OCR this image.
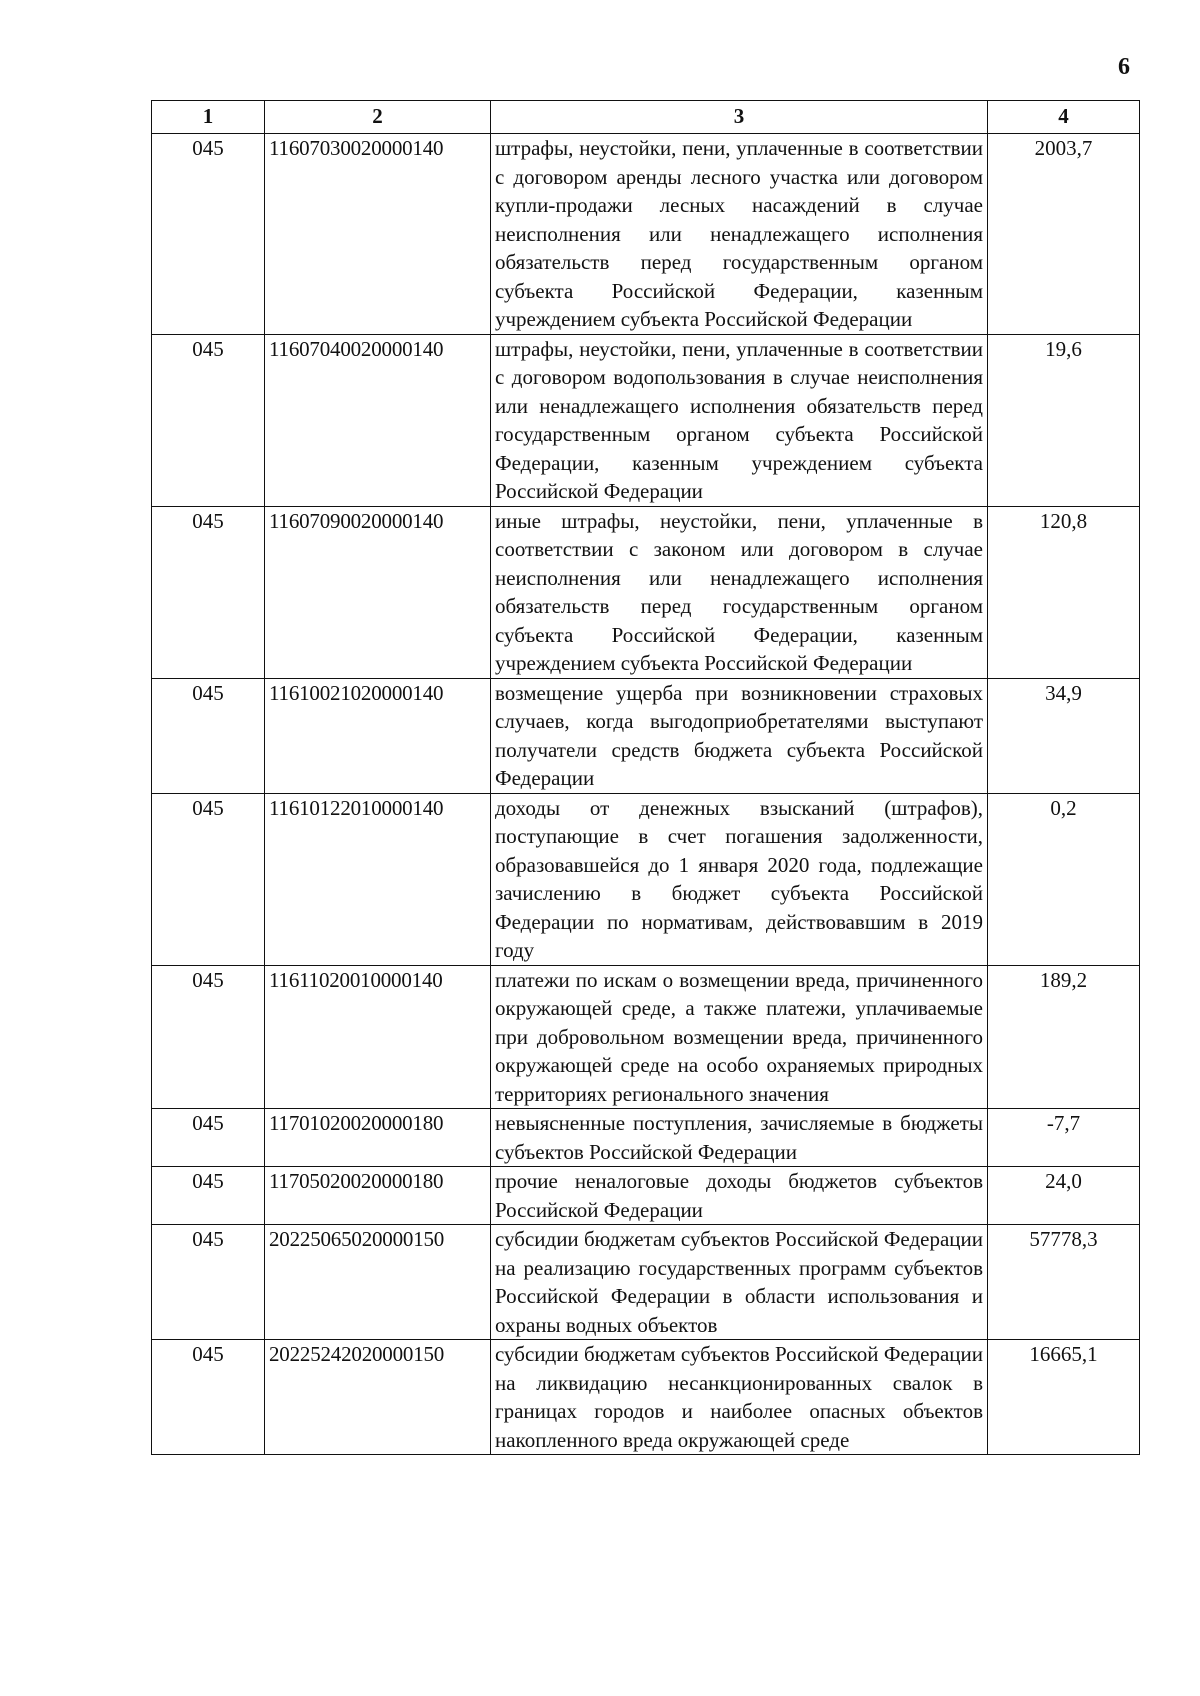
6
1	2	3	4
045	11607030020000140	штрафы, неустойки, пени, уплаченные в соответствии с договором аренды лесного участка или договором купли-продажи лесных насаждений в случае неисполнения или ненадлежащего исполнения обязательств перед государственным органом субъекта Российской Федерации, казенным учреждением субъекта Российской Федерации	2003,7
045	11607040020000140	штрафы, неустойки, пени, уплаченные в соответствии с договором водопользования в случае неисполнения или ненадлежащего исполнения обязательств перед государственным органом субъекта Российской Федерации, казенным учреждением субъекта Российской Федерации	19,6
045	11607090020000140	иные штрафы, неустойки, пени, уплаченные в соответствии с законом или договором в случае неисполнения или ненадлежащего исполнения обязательств перед государственным органом субъекта Российской Федерации, казенным учреждением субъекта Российской Федерации	120,8
045	11610021020000140	возмещение ущерба при возникновении страховых случаев, когда выгодоприобретателями выступают получатели средств бюджета субъекта Российской Федерации	34,9
045	11610122010000140	доходы от денежных взысканий (штрафов), поступающие в счет погашения задолженности, образовавшейся до 1 января 2020 года, подлежащие зачислению в бюджет субъекта Российской Федерации по нормативам, действовавшим в 2019 году	0,2
045	11611020010000140	платежи по искам о возмещении вреда, причиненного окружающей среде, а также платежи, уплачиваемые при добровольном возмещении вреда, причиненного окружающей среде на особо охраняемых природных территориях регионального значения	189,2
045	11701020020000180	невыясненные поступления, зачисляемые в бюджеты субъектов Российской Федерации	-7,7
045	11705020020000180	прочие неналоговые доходы бюджетов субъектов Российской Федерации	24,0
045	20225065020000150	субсидии бюджетам субъектов Российской Федерации на реализацию государственных программ субъектов Российской Федерации в области использования и охраны водных объектов	57778,3
045	20225242020000150	субсидии бюджетам субъектов Российской Федерации на ликвидацию несанкционированных свалок в границах городов и наиболее опасных объектов накопленного вреда окружающей среде	16665,1
